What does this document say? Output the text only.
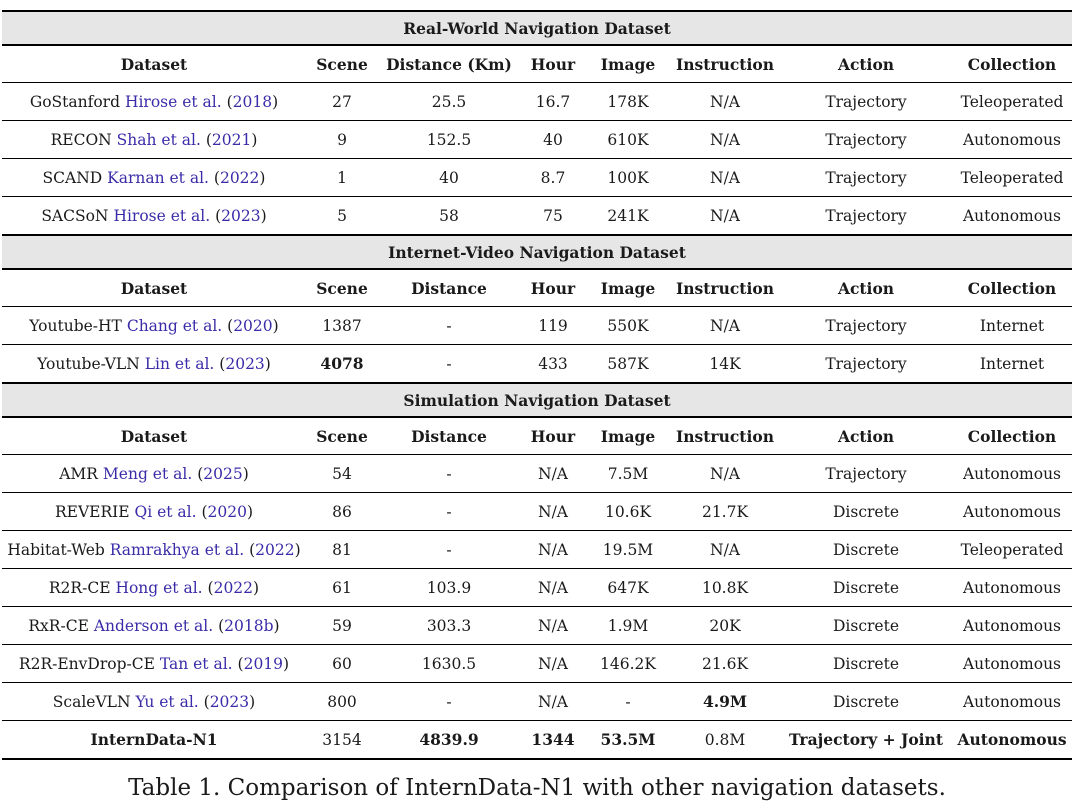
Real-World Navigation Dataset							
Dataset	Scene	Distance (Km)	Hour	Image	Instruction	Action	Collection
GoStanford Hirose et al. (2018)	27	25.5	16.7	178K	N/A	Trajectory	Teleoperated
RECON Shah et al. (2021)	9	152.5	40	610K	N/A	Trajectory	Autonomous
SCAND Karnan et al. (2022)	1	40	8.7	100K	N/A	Trajectory	Teleoperated
SACSoN Hirose et al. (2023)	5	58	75	241K	N/A	Trajectory	Autonomous
Internet-Video Navigation Dataset							
Dataset	Scene	Distance	Hour	Image	Instruction	Action	Collection
Youtube-HT Chang et al. (2020)	1387	-	119	550K	N/A	Trajectory	Internet
Youtube-VLN Lin et al. (2023)	4078	-	433	587K	14K	Trajectory	Internet
Simulation Navigation Dataset							
Dataset	Scene	Distance	Hour	Image	Instruction	Action	Collection
AMR Meng et al. (2025)	54	-	N/A	7.5M	N/A	Trajectory	Autonomous
REVERIE Qi et al. (2020)	86	-	N/A	10.6K	21.7K	Discrete	Autonomous
Habitat-Web Ramrakhya et al. (2022)	81	-	N/A	19.5M	N/A	Discrete	Teleoperated
R2R-CE Hong et al. (2022)	61	103.9	N/A	647K	10.8K	Discrete	Autonomous
RxR-CE Anderson et al. (2018b)	59	303.3	N/A	1.9M	20K	Discrete	Autonomous
R2R-EnvDrop-CE Tan et al. (2019)	60	1630.5	N/A	146.2K	21.6K	Discrete	Autonomous
ScaleVLN Yu et al. (2023)	800	-	N/A	-	4.9M	Discrete	Autonomous
InternData-N1	3154	4839.9	1344	53.5M	0.8M	Trajectory + Joint	Autonomous
Table 1. Comparison of InternData-N1 with other navigation datasets.
